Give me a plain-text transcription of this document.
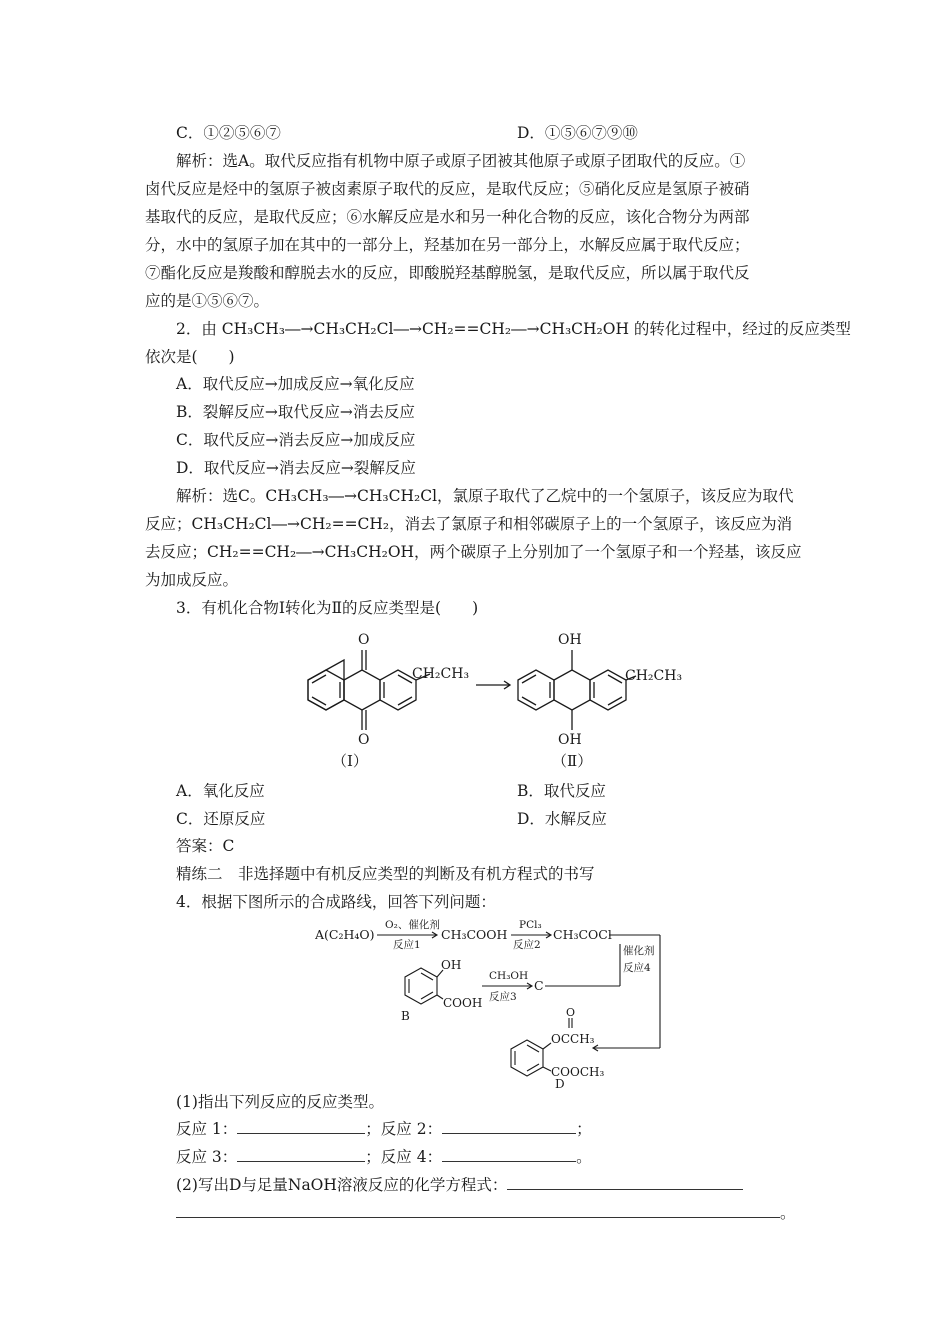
C．①②⑤⑥⑦	D．①⑤⑥⑦⑨⑩
解析：选A。取代反应指有机物中原子或原子团被其他原子或原子团取代的反应。①
卤代反应是烃中的氢原子被卤素原子取代的反应，是取代反应；⑤硝化反应是氢原子被硝
基取代的反应，是取代反应；⑥水解反应是水和另一种化合物的反应，该化合物分为两部
分，水中的氢原子加在其中的一部分上，羟基加在另一部分上，水解反应属于取代反应；
⑦酯化反应是羧酸和醇脱去水的反应，即酸脱羟基醇脱氢，是取代反应，所以属于取代反
应的是①⑤⑥⑦。
2．由 CH₃CH₃―→CH₃CH₂Cl―→CH₂==CH₂―→CH₃CH₂OH 的转化过程中，经过的反应类型
依次是(　　)
A．取代反应→加成反应→氧化反应
B．裂解反应→取代反应→消去反应
C．取代反应→消去反应→加成反应
D．取代反应→消去反应→裂解反应
解析：选C。CH₃CH₃―→CH₃CH₂Cl，氯原子取代了乙烷中的一个氢原子，该反应为取代
反应；CH₃CH₂Cl―→CH₂==CH₂，消去了氯原子和相邻碳原子上的一个氢原子，该反应为消
去反应；CH₂==CH₂―→CH₃CH₂OH，两个碳原子上分别加了一个氢原子和一个羟基，该反应
为加成反应。
3．有机化合物Ⅰ转化为Ⅱ的反应类型是(　　)
O
O
CH₂CH₃
OH
OH
CH₂CH₃
（Ⅰ）	（Ⅱ）
A．氧化反应	B．取代反应
C．还原反应	D．水解反应
答案：C
精练二　非选择题中有机反应类型的判断及有机方程式的书写
4．根据下图所示的合成路线，回答下列问题：
A(C₂H₄O)
O₂、催化剂
反应1
CH₃COOH
PCl₃
反应2
CH₃COCl
催化剂
反应4
OH
COOH
B
CH₃OH
反应3
C
O
OCCH₃
COOCH₃
D
(1)指出下列反应的反应类型。
反应 1：	；反应 2：	；
反应 3：	；反应 4：	。
(2)写出D与足量NaOH溶液反应的化学方程式：
。
